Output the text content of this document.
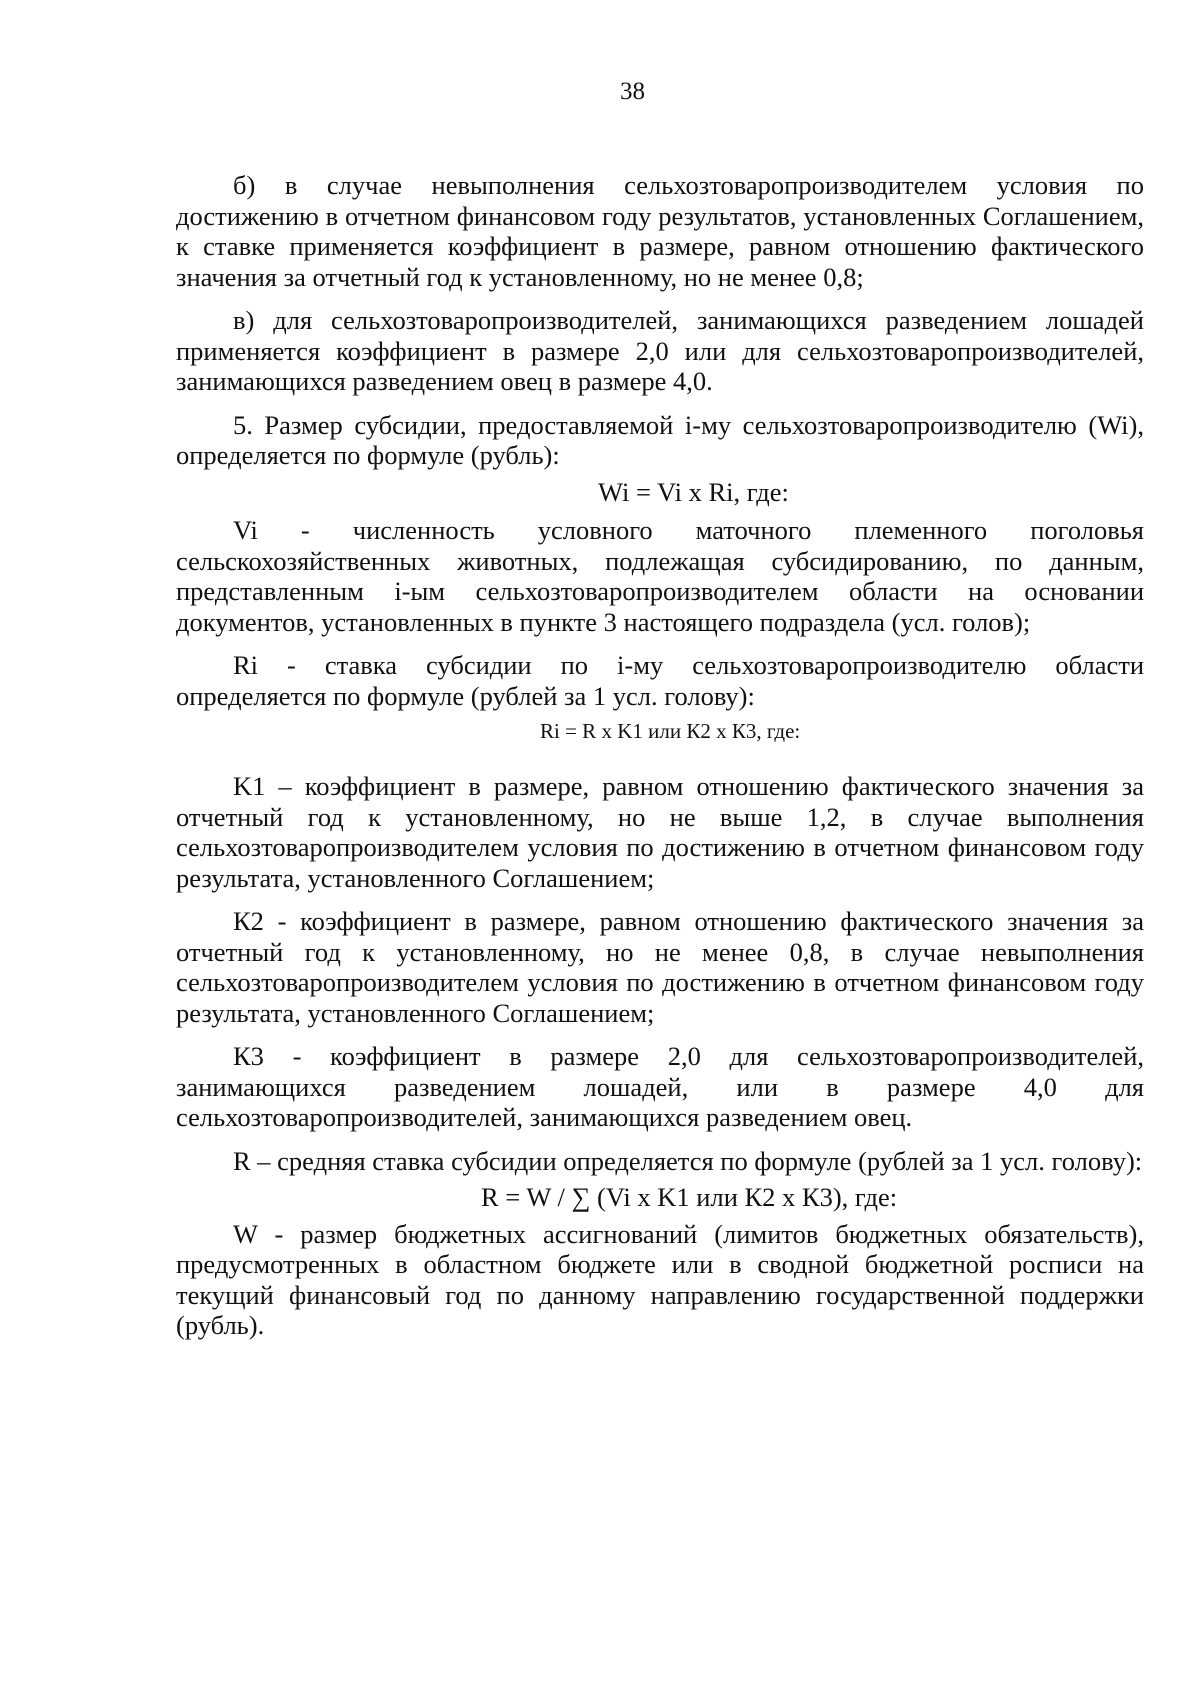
38

б) в случае невыполнения сельхозтоваропроизводителем условия по достижению в отчетном финансовом году результатов, установленных Соглашением, к ставке применяется коэффициент в размере, равном отношению фактического значения за отчетный год к установленному, но не менее 0,8;

в) для сельхозтоваропроизводителей, занимающихся разведением лошадей применяется коэффициент в размере 2,0 или для сельхозтоваропроизводителей, занимающихся разведением овец в размере 4,0.

5. Размер субсидии, предоставляемой i-му сельхозтоваропроизводителю (Wi), определяется по формуле (рубль):

Wi = Vi x Ri, где:

Vi - численность условного маточного племенного поголовья сельскохозяйственных животных, подлежащая субсидированию, по данным, представленным i-ым сельхозтоваропроизводителем области на основании документов, установленных в пункте 3 настоящего подраздела (усл. голов);

Ri - ставка субсидии по i-му сельхозтоваропроизводителю области определяется по формуле (рублей за 1 усл. голову):

Ri = R x K1 или К2 x К3, где:

K1 – коэффициент в размере, равном отношению фактического значения за отчетный год к установленному, но не выше 1,2, в случае выполнения сельхозтоваропроизводителем условия по достижению в отчетном финансовом году результата, установленного Соглашением;

К2 - коэффициент в размере, равном отношению фактического значения за отчетный год к установленному, но не менее 0,8, в случае невыполнения сельхозтоваропроизводителем условия по достижению в отчетном финансовом году результата, установленного Соглашением;

К3 - коэффициент в размере 2,0 для сельхозтоваропроизводителей, занимающихся разведением лошадей, или в размере 4,0 для сельхозтоваропроизводителей, занимающихся разведением овец.

R – средняя ставка субсидии определяется по формуле (рублей за 1 усл. голову):

R = W / ∑ (Vi x K1 или К2 x К3), где:

W - размер бюджетных ассигнований (лимитов бюджетных обязательств), предусмотренных в областном бюджете или в сводной бюджетной росписи на текущий финансовый год по данному направлению государственной поддержки (рубль).
